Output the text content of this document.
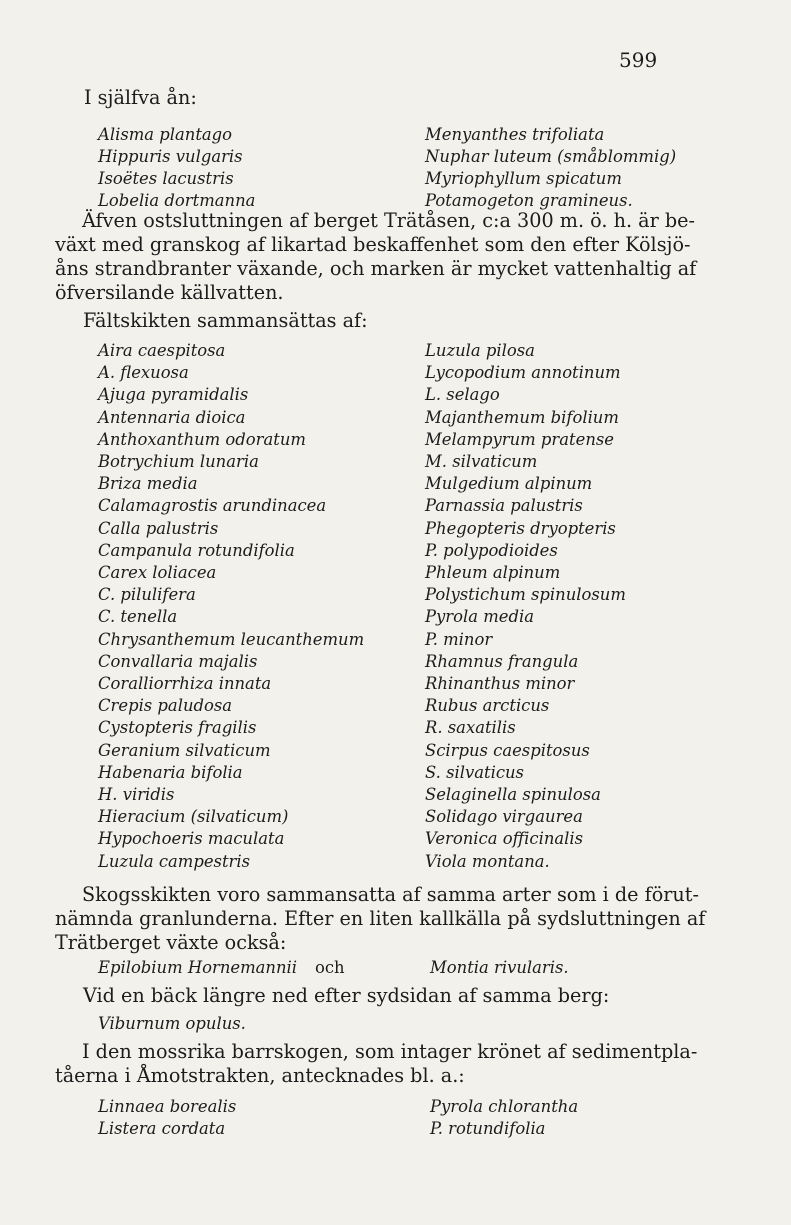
599

I själfva ån:

Alisma plantago
Hippuris vulgaris
Isoëtes lacustris
Lobelia dortmanna
Menyanthes trifoliata
Nuphar luteum (småblommig)
Myriophyllum spicatum
Potamogeton gramineus.

Äfven ostsluttningen af berget Trätåsen, c:a 300 m. ö. h. är be-växt med granskog af likartad beskaffenhet som den efter Kölsjö-åns strandbranter växande, och marken är mycket vattenhaltig af öfversilande källvatten.

Fältskikten sammansättas af:

Aira caespitosa
A. flexuosa
Ajuga pyramidalis
Antennaria dioica
Anthoxanthum odoratum
Botrychium lunaria
Briza media
Calamagrostis arundinacea
Calla palustris
Campanula rotundifolia
Carex loliacea
C. pilulifera
C. tenella
Chrysanthemum leucanthemum
Convallaria majalis
Coralliorrhiza innata
Crepis paludosa
Cystopteris fragilis
Geranium silvaticum
Habenaria bifolia
H. viridis
Hieracium (silvaticum)
Hypochoeris maculata
Luzula campestris
Luzula pilosa
Lycopodium annotinum
L. selago
Majanthemum bifolium
Melampyrum pratense
M. silvaticum
Mulgedium alpinum
Parnassia palustris
Phegopteris dryopteris
P. polypodioides
Phleum alpinum
Polystichum spinulosum
Pyrola media
P. minor
Rhamnus frangula
Rhinanthus minor
Rubus arcticus
R. saxatilis
Scirpus caespitosus
S. silvaticus
Selaginella spinulosa
Solidago virgaurea
Veronica officinalis
Viola montana.

Skogsskikten voro sammansatta af samma arter som i de förut-nämnda granlunderna. Efter en liten kallkälla på sydsluttningen af Trätberget växte också:

Epilobium Hornemannii och	Montia rivularis.

Vid en bäck längre ned efter sydsidan af samma berg:

Viburnum opulus.

I den mossrika barrskogen, som intager krönet af sedimentpla-tåerna i Åmotstrakten, antecknades bl. a.:

Linnaea borealis
Listera cordata
Pyrola chlorantha
P. rotundifolia
